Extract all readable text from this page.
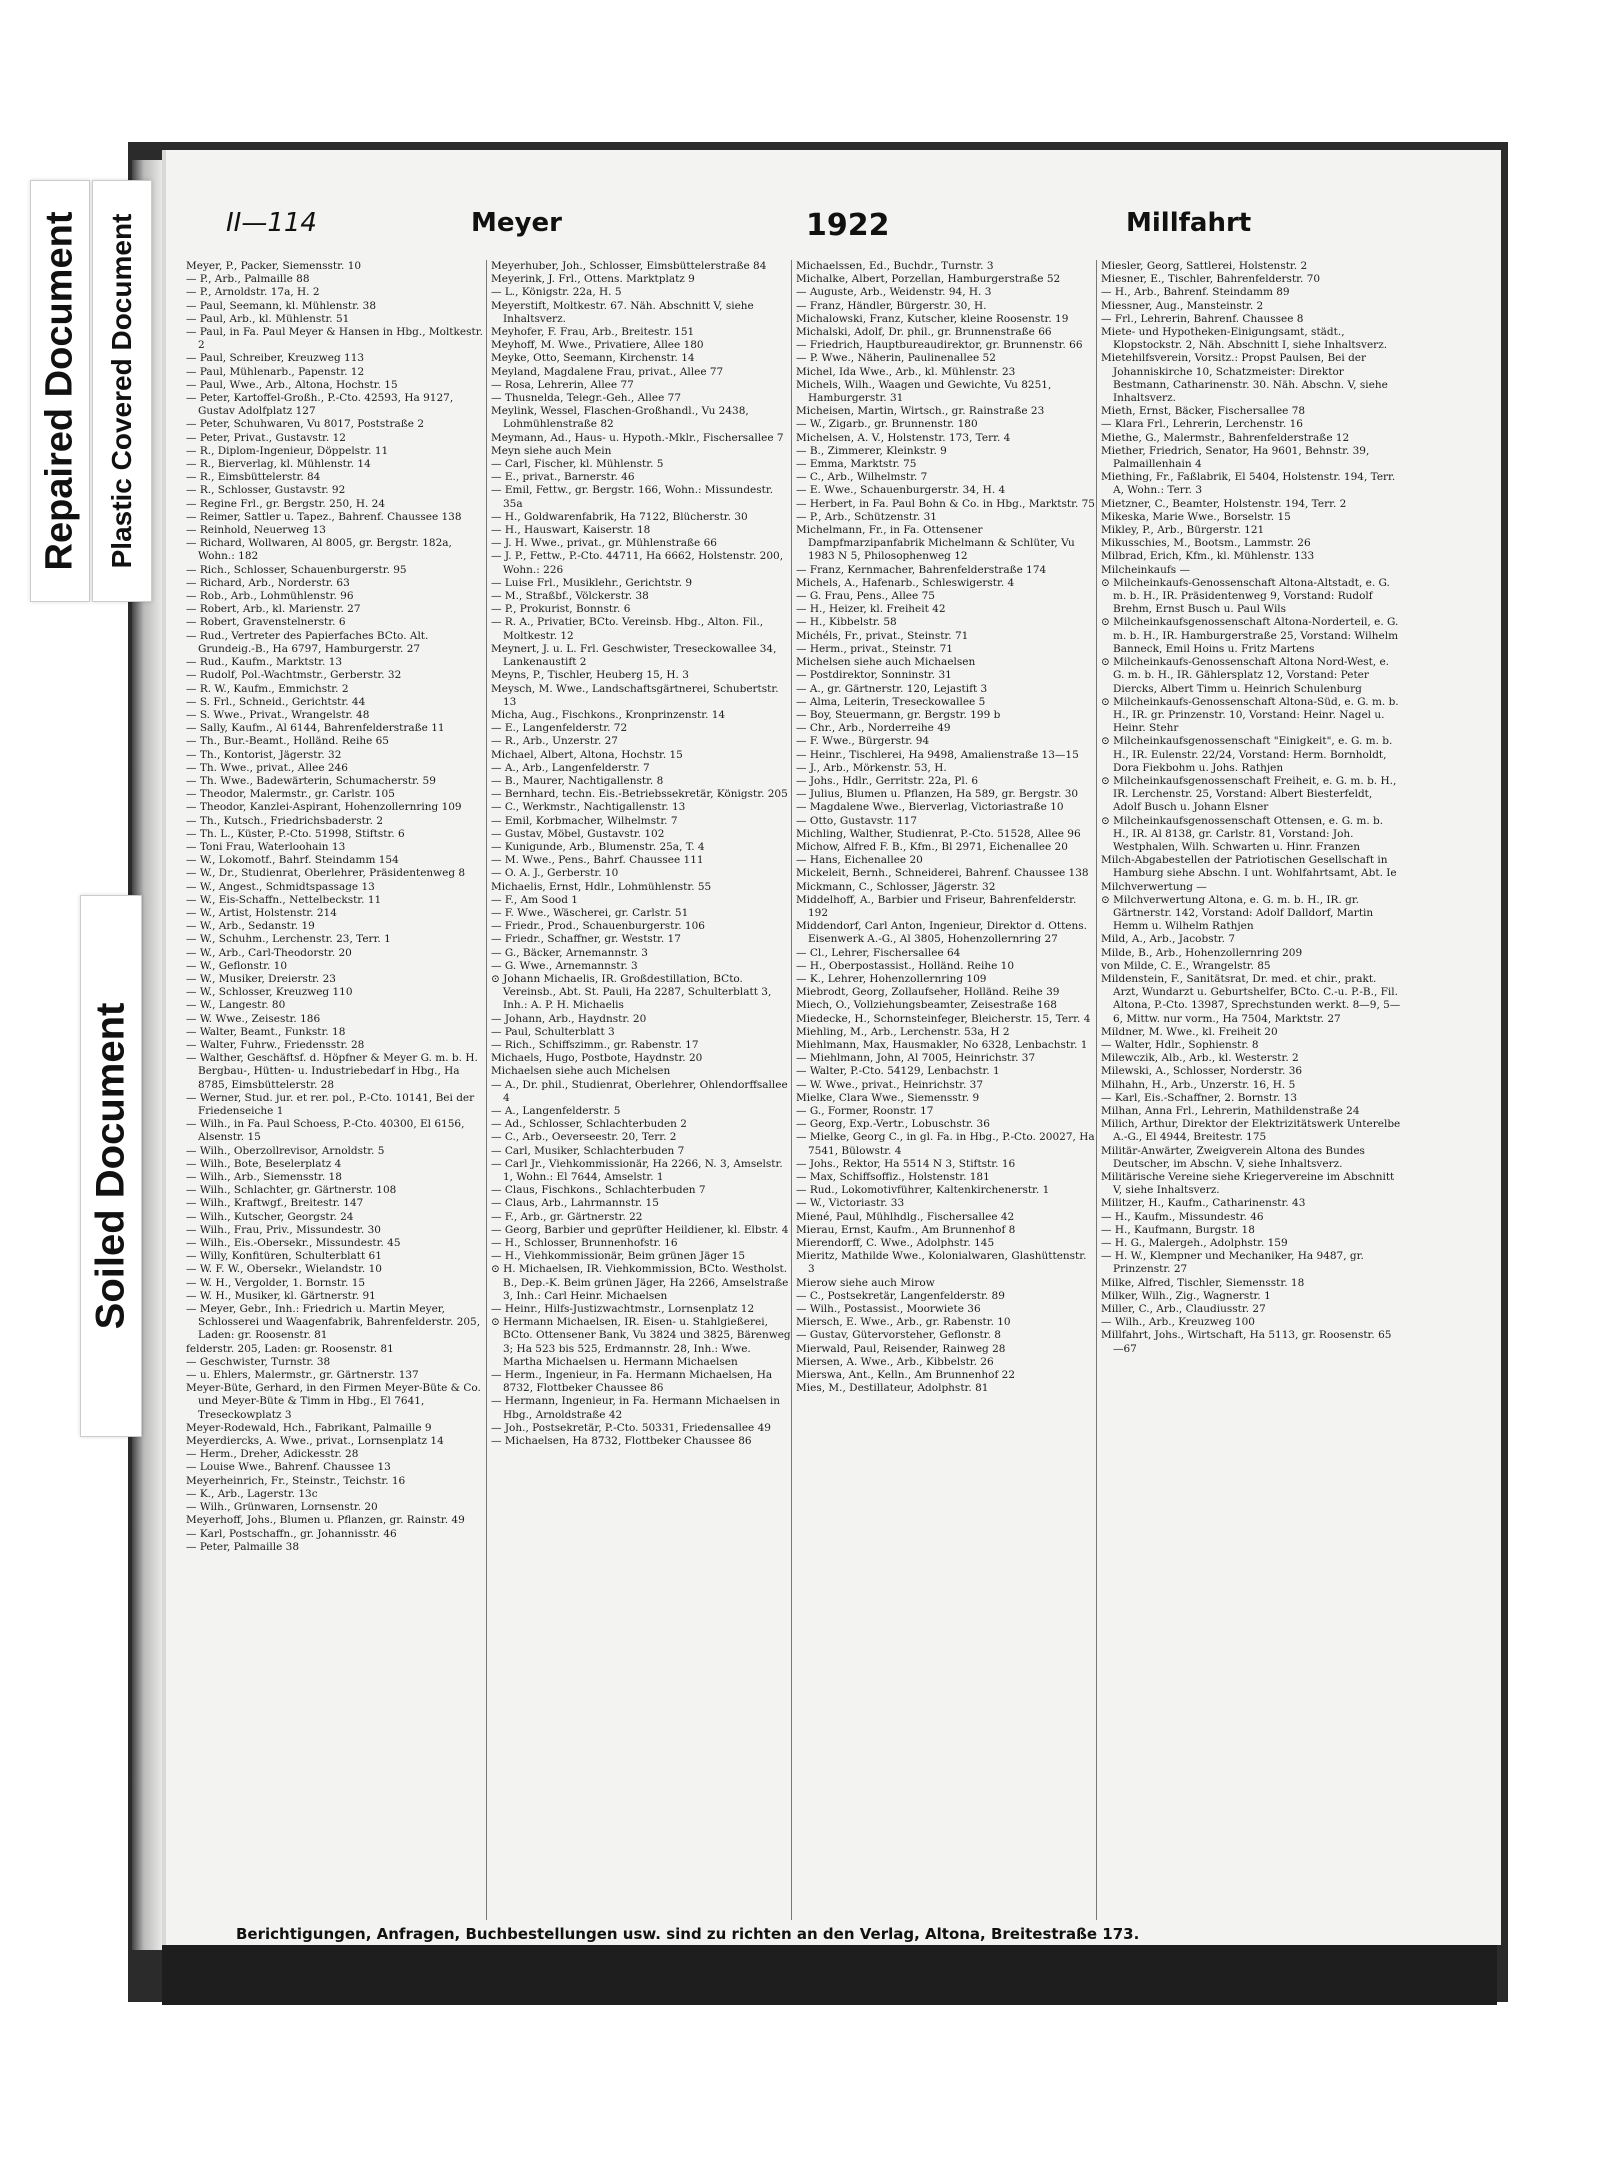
Repaired Document Plastic Covered Document
Soiled Document
II—114	Meyer	1922	Millfahrt

Meyer, P., Packer, Siemensstr. 10

— P., Arb., Palmaille 88

— P., Arnoldstr. 17a, H. 2

— Paul, Seemann, kl. Mühlenstr. 38

— Paul, Arb., kl. Mühlenstr. 51

— Paul, in Fa. Paul Meyer & Hansen in Hbg., Moltkestr. 2

— Paul, Schreiber, Kreuzweg 113

— Paul, Mühlenarb., Papenstr. 12

— Paul, Wwe., Arb., Altona, Hochstr. 15

— Peter, Kartoffel-Großh., P.-Cto. 42593, Ha 9127, Gustav Adolfplatz 127

— Peter, Schuhwaren, Vu 8017, Poststraße 2

— Peter, Privat., Gustavstr. 12

— R., Diplom-Ingenieur, Döppelstr. 11

— R., Bierverlag, kl. Mühlenstr. 14

— R., Eimsbüttelerstr. 84

— R., Schlosser, Gustavstr. 92

— Regine Frl., gr. Bergstr. 250, H. 24

— Reimer, Sattler u. Tapez., Bahrenf. Chaussee 138

— Reinhold, Neuerweg 13

— Richard, Wollwaren, Al 8005, gr. Bergstr. 182a, Wohn.: 182

— Rich., Schlosser, Schauenburgerstr. 95

— Richard, Arb., Norderstr. 63

— Rob., Arb., Lohmühlenstr. 96

— Robert, Arb., kl. Marienstr. 27

— Robert, Gravenstelnerstr. 6

— Rud., Vertreter des Papierfaches BCto. Alt. Grundeig.-B., Ha 6797, Hamburgerstr. 27

— Rud., Kaufm., Marktstr. 13

— Rudolf, Pol.-Wachtmstr., Gerberstr. 32

— R. W., Kaufm., Emmichstr. 2

— S. Frl., Schneid., Gerichtstr. 44

— S. Wwe., Privat., Wrangelstr. 48

— Sally, Kaufm., Al 6144, Bahrenfelderstraße 11

— Th., Bur.-Beamt., Holländ. Reihe 65

— Th., Kontorist, Jägerstr. 32

— Th. Wwe., privat., Allee 246

— Th. Wwe., Badewärterin, Schumacherstr. 59

— Theodor, Malermstr., gr. Carlstr. 105

— Theodor, Kanzlei-Aspirant, Hohenzollernring 109

— Th., Kutsch., Friedrichsbaderstr. 2

— Th. L., Küster, P.-Cto. 51998, Stiftstr. 6

— Toni Frau, Waterloohain 13

— W., Lokomotf., Bahrf. Steindamm 154

— W., Dr., Studienrat, Oberlehrer, Präsidentenweg 8

— W., Angest., Schmidtspassage 13

— W., Eis-Schaffn., Nettelbeckstr. 11

— W., Artist, Holstenstr. 214

— W., Arb., Sedanstr. 19

— W., Schuhm., Lerchenstr. 23, Terr. 1

— W., Arb., Carl-Theodorstr. 20

— W., Geflonstr. 10

— W., Musiker, Dreierstr. 23

— W., Schlosser, Kreuzweg 110

— W., Langestr. 80

— W. Wwe., Zeisestr. 186

— Walter, Beamt., Funkstr. 18

— Walter, Fuhrw., Friedensstr. 28

— Walther, Geschäftsf. d. Höpfner & Meyer G. m. b. H. Bergbau-, Hütten- u. Industriebedarf in Hbg., Ha 8785, Eimsbüttelerstr. 28

— Werner, Stud. jur. et rer. pol., P.-Cto. 10141, Bei der Friedenseiche 1

— Wilh., in Fa. Paul Schoess, P.-Cto. 40300, El 6156, Alsenstr. 15

— Wilh., Oberzollrevisor, Arnoldstr. 5

— Wilh., Bote, Beselerplatz 4

— Wilh., Arb., Siemensstr. 18

— Wilh., Schlachter, gr. Gärtnerstr. 108

— Wilh., Kraftwgf., Breitestr. 147

— Wilh., Kutscher, Georgstr. 24

— Wilh., Frau, Priv., Missundestr. 30

— Wilh., Eis.-Obersekr., Missundestr. 45

— Willy, Konfitüren, Schulterblatt 61

— W. F. W., Obersekr., Wielandstr. 10

— W. H., Vergolder, 1. Bornstr. 15

— W. H., Musiker, kl. Gärtnerstr. 91

— Meyer, Gebr., Inh.: Friedrich u. Martin Meyer, Schlosserei und Waagenfabrik, Bahrenfelderstr. 205, Laden: gr. Roosenstr. 81

felderstr. 205, Laden: gr. Roosenstr. 81

— Geschwister, Turnstr. 38

— u. Ehlers, Malermstr., gr. Gärtnerstr. 137

Meyer-Büte, Gerhard, in den Firmen Meyer-Büte & Co. und Meyer-Büte & Timm in Hbg., El 7641, Treseckowplatz 3

Meyer-Rodewald, Hch., Fabrikant, Palmaille 9

Meyerdiercks, A. Wwe., privat., Lornsenplatz 14

— Herm., Dreher, Adickesstr. 28

— Louise Wwe., Bahrenf. Chaussee 13

Meyerheinrich, Fr., Steinstr., Teichstr. 16

— K., Arb., Lagerstr. 13c

— Wilh., Grünwaren, Lornsenstr. 20

Meyerhoff, Johs., Blumen u. Pflanzen, gr. Rainstr. 49

— Karl, Postschaffn., gr. Johannisstr. 46

— Peter, Palmaille 38

Meyerhuber, Joh., Schlosser, Eimsbüttelerstraße 84

Meyerink, J. Frl., Ottens. Marktplatz 9

— L., Königstr. 22a, H. 5

Meyerstift, Moltkestr. 67. Näh. Abschnitt V, siehe Inhaltsverz.

Meyhofer, F. Frau, Arb., Breitestr. 151

Meyhoff, M. Wwe., Privatiere, Allee 180

Meyke, Otto, Seemann, Kirchenstr. 14

Meyland, Magdalene Frau, privat., Allee 77

— Rosa, Lehrerin, Allee 77

— Thusnelda, Telegr.-Geh., Allee 77

Meylink, Wessel, Flaschen-Großhandl., Vu 2438, Lohmühlenstraße 82

Meymann, Ad., Haus- u. Hypoth.-Mklr., Fischersallee 7

Meyn siehe auch Mein

— Carl, Fischer, kl. Mühlenstr. 5

— E., privat., Barnerstr. 46

— Emil, Fettw., gr. Bergstr. 166, Wohn.: Missundestr. 35a

— H., Goldwarenfabrik, Ha 7122, Blücherstr. 30

— H., Hauswart, Kaiserstr. 18

— J. H. Wwe., privat., gr. Mühlenstraße 66

— J. P., Fettw., P.-Cto. 44711, Ha 6662, Holstenstr. 200, Wohn.: 226

— Luise Frl., Musiklehr., Gerichtstr. 9

— M., Straßbf., Völckerstr. 38

— P., Prokurist, Bonnstr. 6

— R. A., Privatier, BCto. Vereinsb. Hbg., Alton. Fil., Moltkestr. 12

Meynert, J. u. L. Frl. Geschwister, Treseckowallee 34, Lankenaustift 2

Meyns, P., Tischler, Heuberg 15, H. 3

Meysch, M. Wwe., Landschaftsgärtnerei, Schubertstr. 13

Micha, Aug., Fischkons., Kronprinzenstr. 14

— E., Langenfelderstr. 72

— R., Arb., Unzerstr. 27

Michael, Albert, Altona, Hochstr. 15

— A., Arb., Langenfelderstr. 7

— B., Maurer, Nachtigallenstr. 8

— Bernhard, techn. Eis.-Betriebssekretär, Königstr. 205

— C., Werkmstr., Nachtigallenstr. 13

— Emil, Korbmacher, Wilhelmstr. 7

— Gustav, Möbel, Gustavstr. 102

— Kunigunde, Arb., Blumenstr. 25a, T. 4

— M. Wwe., Pens., Bahrf. Chaussee 111

— O. A. J., Gerberstr. 10

Michaelis, Ernst, Hdlr., Lohmühlenstr. 55

— F., Am Sood 1

— F. Wwe., Wäscherei, gr. Carlstr. 51

— Friedr., Prod., Schauenburgerstr. 106

— Friedr., Schaffner, gr. Weststr. 17

— G., Bäcker, Arnemannstr. 3

— G. Wwe., Arnemannstr. 3

⊙ Johann Michaelis, IR. Großdestillation, BCto. Vereinsb., Abt. St. Pauli, Ha 2287, Schulterblatt 3, Inh.: A. P. H. Michaelis

— Johann, Arb., Haydnstr. 20

— Paul, Schulterblatt 3

— Rich., Schiffszimm., gr. Rabenstr. 17

Michaels, Hugo, Postbote, Haydnstr. 20

Michaelsen siehe auch Michelsen

— A., Dr. phil., Studienrat, Oberlehrer, Ohlendorffsallee 4

— A., Langenfelderstr. 5

— Ad., Schlosser, Schlachterbuden 2

— C., Arb., Oeverseestr. 20, Terr. 2

— Carl, Musiker, Schlachterbuden 7

— Carl Jr., Viehkommissionär, Ha 2266, N. 3, Amselstr. 1, Wohn.: El 7644, Amselstr. 1

— Claus, Fischkons., Schlachterbuden 7

— Claus, Arb., Lahrmannstr. 15

— F., Arb., gr. Gärtnerstr. 22

— Georg, Barbier und geprüfter Heildiener, kl. Elbstr. 4

— H., Schlosser, Brunnenhofstr. 16

— H., Viehkommissionär, Beim grünen Jäger 15

⊙ H. Michaelsen, IR. Viehkommission, BCto. Westholst. B., Dep.-K. Beim grünen Jäger, Ha 2266, Amselstraße 3, Inh.: Carl Heinr. Michaelsen

— Heinr., Hilfs-Justizwachtmstr., Lornsenplatz 12

⊙ Hermann Michaelsen, IR. Eisen- u. Stahlgießerei, BCto. Ottensener Bank, Vu 3824 und 3825, Bärenweg 3; Ha 523 bis 525, Erdmannstr. 28, Inh.: Wwe. Martha Michaelsen u. Hermann Michaelsen

— Herm., Ingenieur, in Fa. Hermann Michaelsen, Ha 8732, Flottbeker Chaussee 86

— Hermann, Ingenieur, in Fa. Hermann Michaelsen in Hbg., Arnoldstraße 42

— Joh., Postsekretär, P.-Cto. 50331, Friedensallee 49

— Michaelsen, Ha 8732, Flottbeker Chaussee 86

Michaelssen, Ed., Buchdr., Turnstr. 3

Michalke, Albert, Porzellan, Hamburgerstraße 52

— Auguste, Arb., Weidenstr. 94, H. 3

— Franz, Händler, Bürgerstr. 30, H.

Michalowski, Franz, Kutscher, kleine Roosenstr. 19

Michalski, Adolf, Dr. phil., gr. Brunnenstraße 66

— Friedrich, Hauptbureaudirektor, gr. Brunnenstr. 66

— P. Wwe., Näherin, Paulinenallee 52

Michel, Ida Wwe., Arb., kl. Mühlenstr. 23

Michels, Wilh., Waagen und Gewichte, Vu 8251, Hamburgerstr. 31

Micheisen, Martin, Wirtsch., gr. Rainstraße 23

— W., Zigarb., gr. Brunnenstr. 180

Michelsen, A. V., Holstenstr. 173, Terr. 4

— B., Zimmerer, Kleinkstr. 9

— Emma, Marktstr. 75

— C., Arb., Wilhelmstr. 7

— E. Wwe., Schauenburgerstr. 34, H. 4

— Herbert, in Fa. Paul Bohn & Co. in Hbg., Marktstr. 75

— P., Arb., Schützenstr. 31

Michelmann, Fr., in Fa. Ottensener Dampfmarzipanfabrik Michelmann & Schlüter, Vu 1983 N 5, Philosophenweg 12

— Franz, Kernmacher, Bahrenfelderstraße 174

Michels, A., Hafenarb., Schleswigerstr. 4

— G. Frau, Pens., Allee 75

— H., Heizer, kl. Freiheit 42

— H., Kibbelstr. 58

Michéls, Fr., privat., Steinstr. 71

— Herm., privat., Steinstr. 71

Michelsen siehe auch Michaelsen

— Postdirektor, Sonninstr. 31

— A., gr. Gärtnerstr. 120, Lejastift 3

— Alma, Leiterin, Treseckowallee 5

— Boy, Steuermann, gr. Bergstr. 199 b

— Chr., Arb., Norderreihe 49

— F. Wwe., Bürgerstr. 94

— Heinr., Tischlerei, Ha 9498, Amalienstraße 13—15

— J., Arb., Mörkenstr. 53, H.

— Johs., Hdlr., Gerritstr. 22a, Pl. 6

— Julius, Blumen u. Pflanzen, Ha 589, gr. Bergstr. 30

— Magdalene Wwe., Bierverlag, Victoriastraße 10

— Otto, Gustavstr. 117

Michling, Walther, Studienrat, P.-Cto. 51528, Allee 96

Michow, Alfred F. B., Kfm., Bl 2971, Eichenallee 20

— Hans, Eichenallee 20

Mickeleit, Bernh., Schneiderei, Bahrenf. Chaussee 138

Mickmann, C., Schlosser, Jägerstr. 32

Middelhoff, A., Barbier und Friseur, Bahrenfelderstr. 192

Middendorf, Carl Anton, Ingenieur, Direktor d. Ottens. Eisenwerk A.-G., Al 3805, Hohenzollernring 27

— Cl., Lehrer, Fischersallee 64

— H., Oberpostassist., Holländ. Reihe 10

— K., Lehrer, Hohenzollernring 109

Miebrodt, Georg, Zollaufseher, Holländ. Reihe 39

Miech, O., Vollziehungsbeamter, Zeisestraße 168

Miedecke, H., Schornsteinfeger, Bleicherstr. 15, Terr. 4

Miehling, M., Arb., Lerchenstr. 53a, H 2

Miehlmann, Max, Hausmakler, No 6328, Lenbachstr. 1

— Miehlmann, John, Al 7005, Heinrichstr. 37

— Walter, P.-Cto. 54129, Lenbachstr. 1

— W. Wwe., privat., Heinrichstr. 37

Mielke, Clara Wwe., Siemensstr. 9

— G., Former, Roonstr. 17

— Georg, Exp.-Vertr., Lobuschstr. 36

— Mielke, Georg C., in gl. Fa. in Hbg., P.-Cto. 20027, Ha 7541, Bülowstr. 4

— Johs., Rektor, Ha 5514 N 3, Stiftstr. 16

— Max, Schiffsoffiz., Holstenstr. 181

— Rud., Lokomotivführer, Kaltenkirchenerstr. 1

— W., Victoriastr. 33

Miené, Paul, Mühlhdlg., Fischersallee 42

Mierau, Ernst, Kaufm., Am Brunnenhof 8

Mierendorff, C. Wwe., Adolphstr. 145

Mieritz, Mathilde Wwe., Kolonialwaren, Glashüttenstr. 3

Mierow siehe auch Mirow

— C., Postsekretär, Langenfelderstr. 89

— Wilh., Postassist., Moorwiete 36

Miersch, E. Wwe., Arb., gr. Rabenstr. 10

— Gustav, Gütervorsteher, Geflonstr. 8

Mierwald, Paul, Reisender, Rainweg 28

Miersen, A. Wwe., Arb., Kibbelstr. 26

Mierswa, Ant., Kelln., Am Brunnenhof 22

Mies, M., Destillateur, Adolphstr. 81

Miesler, Georg, Sattlerei, Holstenstr. 2

Miesner, E., Tischler, Bahrenfelderstr. 70

— H., Arb., Bahrenf. Steindamm 89

Miessner, Aug., Mansteinstr. 2

— Frl., Lehrerin, Bahrenf. Chaussee 8

Miete- und Hypotheken-Einigungsamt, städt., Klopstockstr. 2, Näh. Abschnitt I, siehe Inhaltsverz.

Mietehilfsverein, Vorsitz.: Propst Paulsen, Bei der Johanniskirche 10, Schatzmeister: Direktor Bestmann, Catharinenstr. 30. Näh. Abschn. V, siehe Inhaltsverz.

Mieth, Ernst, Bäcker, Fischersallee 78

— Klara Frl., Lehrerin, Lerchenstr. 16

Miethe, G., Malermstr., Bahrenfelderstraße 12

Miether, Friedrich, Senator, Ha 9601, Behnstr. 39, Palmaillenhain 4

Miething, Fr., Faßlabrik, El 5404, Holstenstr. 194, Terr. A, Wohn.: Terr. 3

Mietzner, C., Beamter, Holstenstr. 194, Terr. 2

Mikeska, Marie Wwe., Borselstr. 15

Mikley, P., Arb., Bürgerstr. 121

Mikusschies, M., Bootsm., Lammstr. 26

Milbrad, Erich, Kfm., kl. Mühlenstr. 133

Milcheinkaufs —

⊙ Milcheinkaufs-Genossenschaft Altona-Altstadt, e. G. m. b. H., IR. Präsidentenweg 9, Vorstand: Rudolf Brehm, Ernst Busch u. Paul Wils

⊙ Milcheinkaufsgenossenschaft Altona-Norderteil, e. G. m. b. H., IR. Hamburgerstraße 25, Vorstand: Wilhelm Banneck, Emil Hoins u. Fritz Martens

⊙ Milcheinkaufs-Genossenschaft Altona Nord-West, e. G. m. b. H., IR. Gählersplatz 12, Vorstand: Peter Diercks, Albert Timm u. Heinrich Schulenburg

⊙ Milcheinkaufs-Genossenschaft Altona-Süd, e. G. m. b. H., IR. gr. Prinzenstr. 10, Vorstand: Heinr. Nagel u. Heinr. Stehr

⊙ Milcheinkaufsgenossenschaft "Einigkeit", e. G. m. b. H., IR. Eulenstr. 22/24, Vorstand: Herm. Bornholdt, Dora Fiekbohm u. Johs. Rathjen

⊙ Milcheinkaufsgenossenschaft Freiheit, e. G. m. b. H., IR. Lerchenstr. 25, Vorstand: Albert Biesterfeldt, Adolf Busch u. Johann Elsner

⊙ Milcheinkaufsgenossenschaft Ottensen, e. G. m. b. H., IR. Al 8138, gr. Carlstr. 81, Vorstand: Joh. Westphalen, Wilh. Schwarten u. Hinr. Franzen

Milch-Abgabestellen der Patriotischen Gesellschaft in Hamburg siehe Abschn. I unt. Wohlfahrtsamt, Abt. Ie

Milchverwertung —

⊙ Milchverwertung Altona, e. G. m. b. H., IR. gr. Gärtnerstr. 142, Vorstand: Adolf Dalldorf, Martin Hemm u. Wilhelm Rathjen

Mild, A., Arb., Jacobstr. 7

Milde, B., Arb., Hohenzollernring 209

von Milde, C. E., Wrangelstr. 85

Mildenstein, F., Sanitätsrat, Dr. med. et chir., prakt. Arzt, Wundarzt u. Geburtshelfer, BCto. C.-u. P.-B., Fil. Altona, P.-Cto. 13987, Sprechstunden werkt. 8—9, 5—6, Mittw. nur vorm., Ha 7504, Marktstr. 27

Mildner, M. Wwe., kl. Freiheit 20

— Walter, Hdlr., Sophienstr. 8

Milewczik, Alb., Arb., kl. Westerstr. 2

Milewski, A., Schlosser, Norderstr. 36

Milhahn, H., Arb., Unzerstr. 16, H. 5

— Karl, Eis.-Schaffner, 2. Bornstr. 13

Milhan, Anna Frl., Lehrerin, Mathildenstraße 24

Milich, Arthur, Direktor der Elektrizitätswerk Unterelbe A.-G., El 4944, Breitestr. 175

Militär-Anwärter, Zweigverein Altona des Bundes Deutscher, im Abschn. V, siehe Inhaltsverz.

Militärische Vereine siehe Kriegervereine im Abschnitt V, siehe Inhaltsverz.

Militzer, H., Kaufm., Catharinenstr. 43

— H., Kaufm., Missundestr. 46

— H., Kaufmann, Burgstr. 18

— H. G., Malergeh., Adolphstr. 159

— H. W., Klempner und Mechaniker, Ha 9487, gr. Prinzenstr. 27

Milke, Alfred, Tischler, Siemensstr. 18

Milker, Wilh., Zig., Wagnerstr. 1

Miller, C., Arb., Claudiusstr. 27

— Wilh., Arb., Kreuzweg 100

Millfahrt, Johs., Wirtschaft, Ha 5113, gr. Roosenstr. 65—67

Berichtigungen, Anfragen, Buchbestellungen usw. sind zu richten an den Verlag, Altona, Breitestraße 173.
